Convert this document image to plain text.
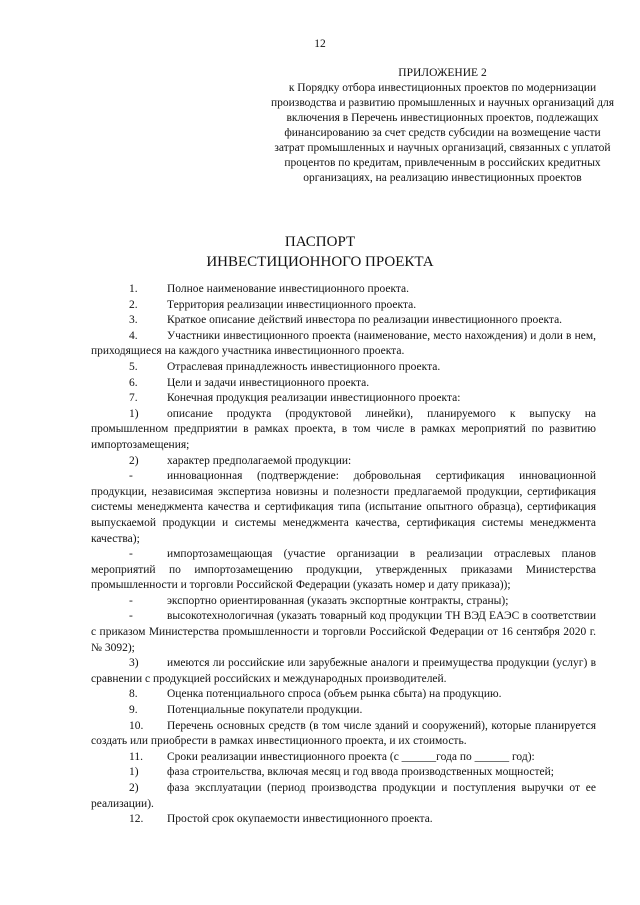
12
ПРИЛОЖЕНИЕ 2
к Порядку отбора инвестиционных проектов по модернизации производства и развитию промышленных и научных организаций для включения в Перечень инвестиционных проектов, подлежащих финансированию за счет средств субсидии на возмещение части затрат промышленных и научных организаций, связанных с уплатой процентов по кредитам, привлеченным в российских кредитных организациях, на реализацию инвестиционных проектов
ПАСПОРТ
ИНВЕСТИЦИОННОГО ПРОЕКТА
1.	Полное наименование инвестиционного проекта.
2.	Территория реализации инвестиционного проекта.
3.	Краткое описание действий инвестора по реализации инвестиционного проекта.
4.	Участники инвестиционного проекта (наименование, место нахождения) и доли в нем, приходящиеся на каждого участника инвестиционного проекта.
5.	Отраслевая принадлежность инвестиционного проекта.
6.	Цели и задачи инвестиционного проекта.
7.	Конечная продукция реализации инвестиционного проекта:
1) описание продукта (продуктовой линейки), планируемого к выпуску на промышленном предприятии в рамках проекта, в том числе в рамках мероприятий по развитию импортозамещения;
2) характер предполагаемой продукции:
-	инновационная (подтверждение: добровольная сертификация инновационной продукции, независимая экспертиза новизны и полезности предлагаемой продукции, сертификация системы менеджмента качества и сертификация типа (испытание опытного образца), сертификация выпускаемой продукции и системы менеджмента качества, сертификация системы менеджмента качества);
-	импортозамещающая (участие организации в реализации отраслевых планов мероприятий по импортозамещению продукции, утвержденных приказами Министерства промышленности и торговли Российской Федерации (указать номер и дату приказа));
-	экспортно ориентированная (указать экспортные контракты, страны);
-	высокотехнологичная (указать товарный код продукции ТН ВЭД ЕАЭС в соответствии с приказом Министерства промышленности и торговли Российской Федерации от 16 сентября 2020 г. № 3092);
3) имеются ли российские или зарубежные аналоги и преимущества продукции (услуг) в сравнении с продукцией российских и международных производителей.
8.	Оценка потенциального спроса (объем рынка сбыта) на продукцию.
9.	Потенциальные покупатели продукции.
10. Перечень основных средств (в том числе зданий и сооружений), которые планируется создать или приобрести в рамках инвестиционного проекта, и их стоимость.
11. Сроки реализации инвестиционного проекта (с ______года по ______ год):
1) фаза строительства, включая месяц и год ввода производственных мощностей;
2) фаза эксплуатации (период производства продукции и поступления выручки от ее реализации).
12. Простой срок окупаемости инвестиционного проекта.
